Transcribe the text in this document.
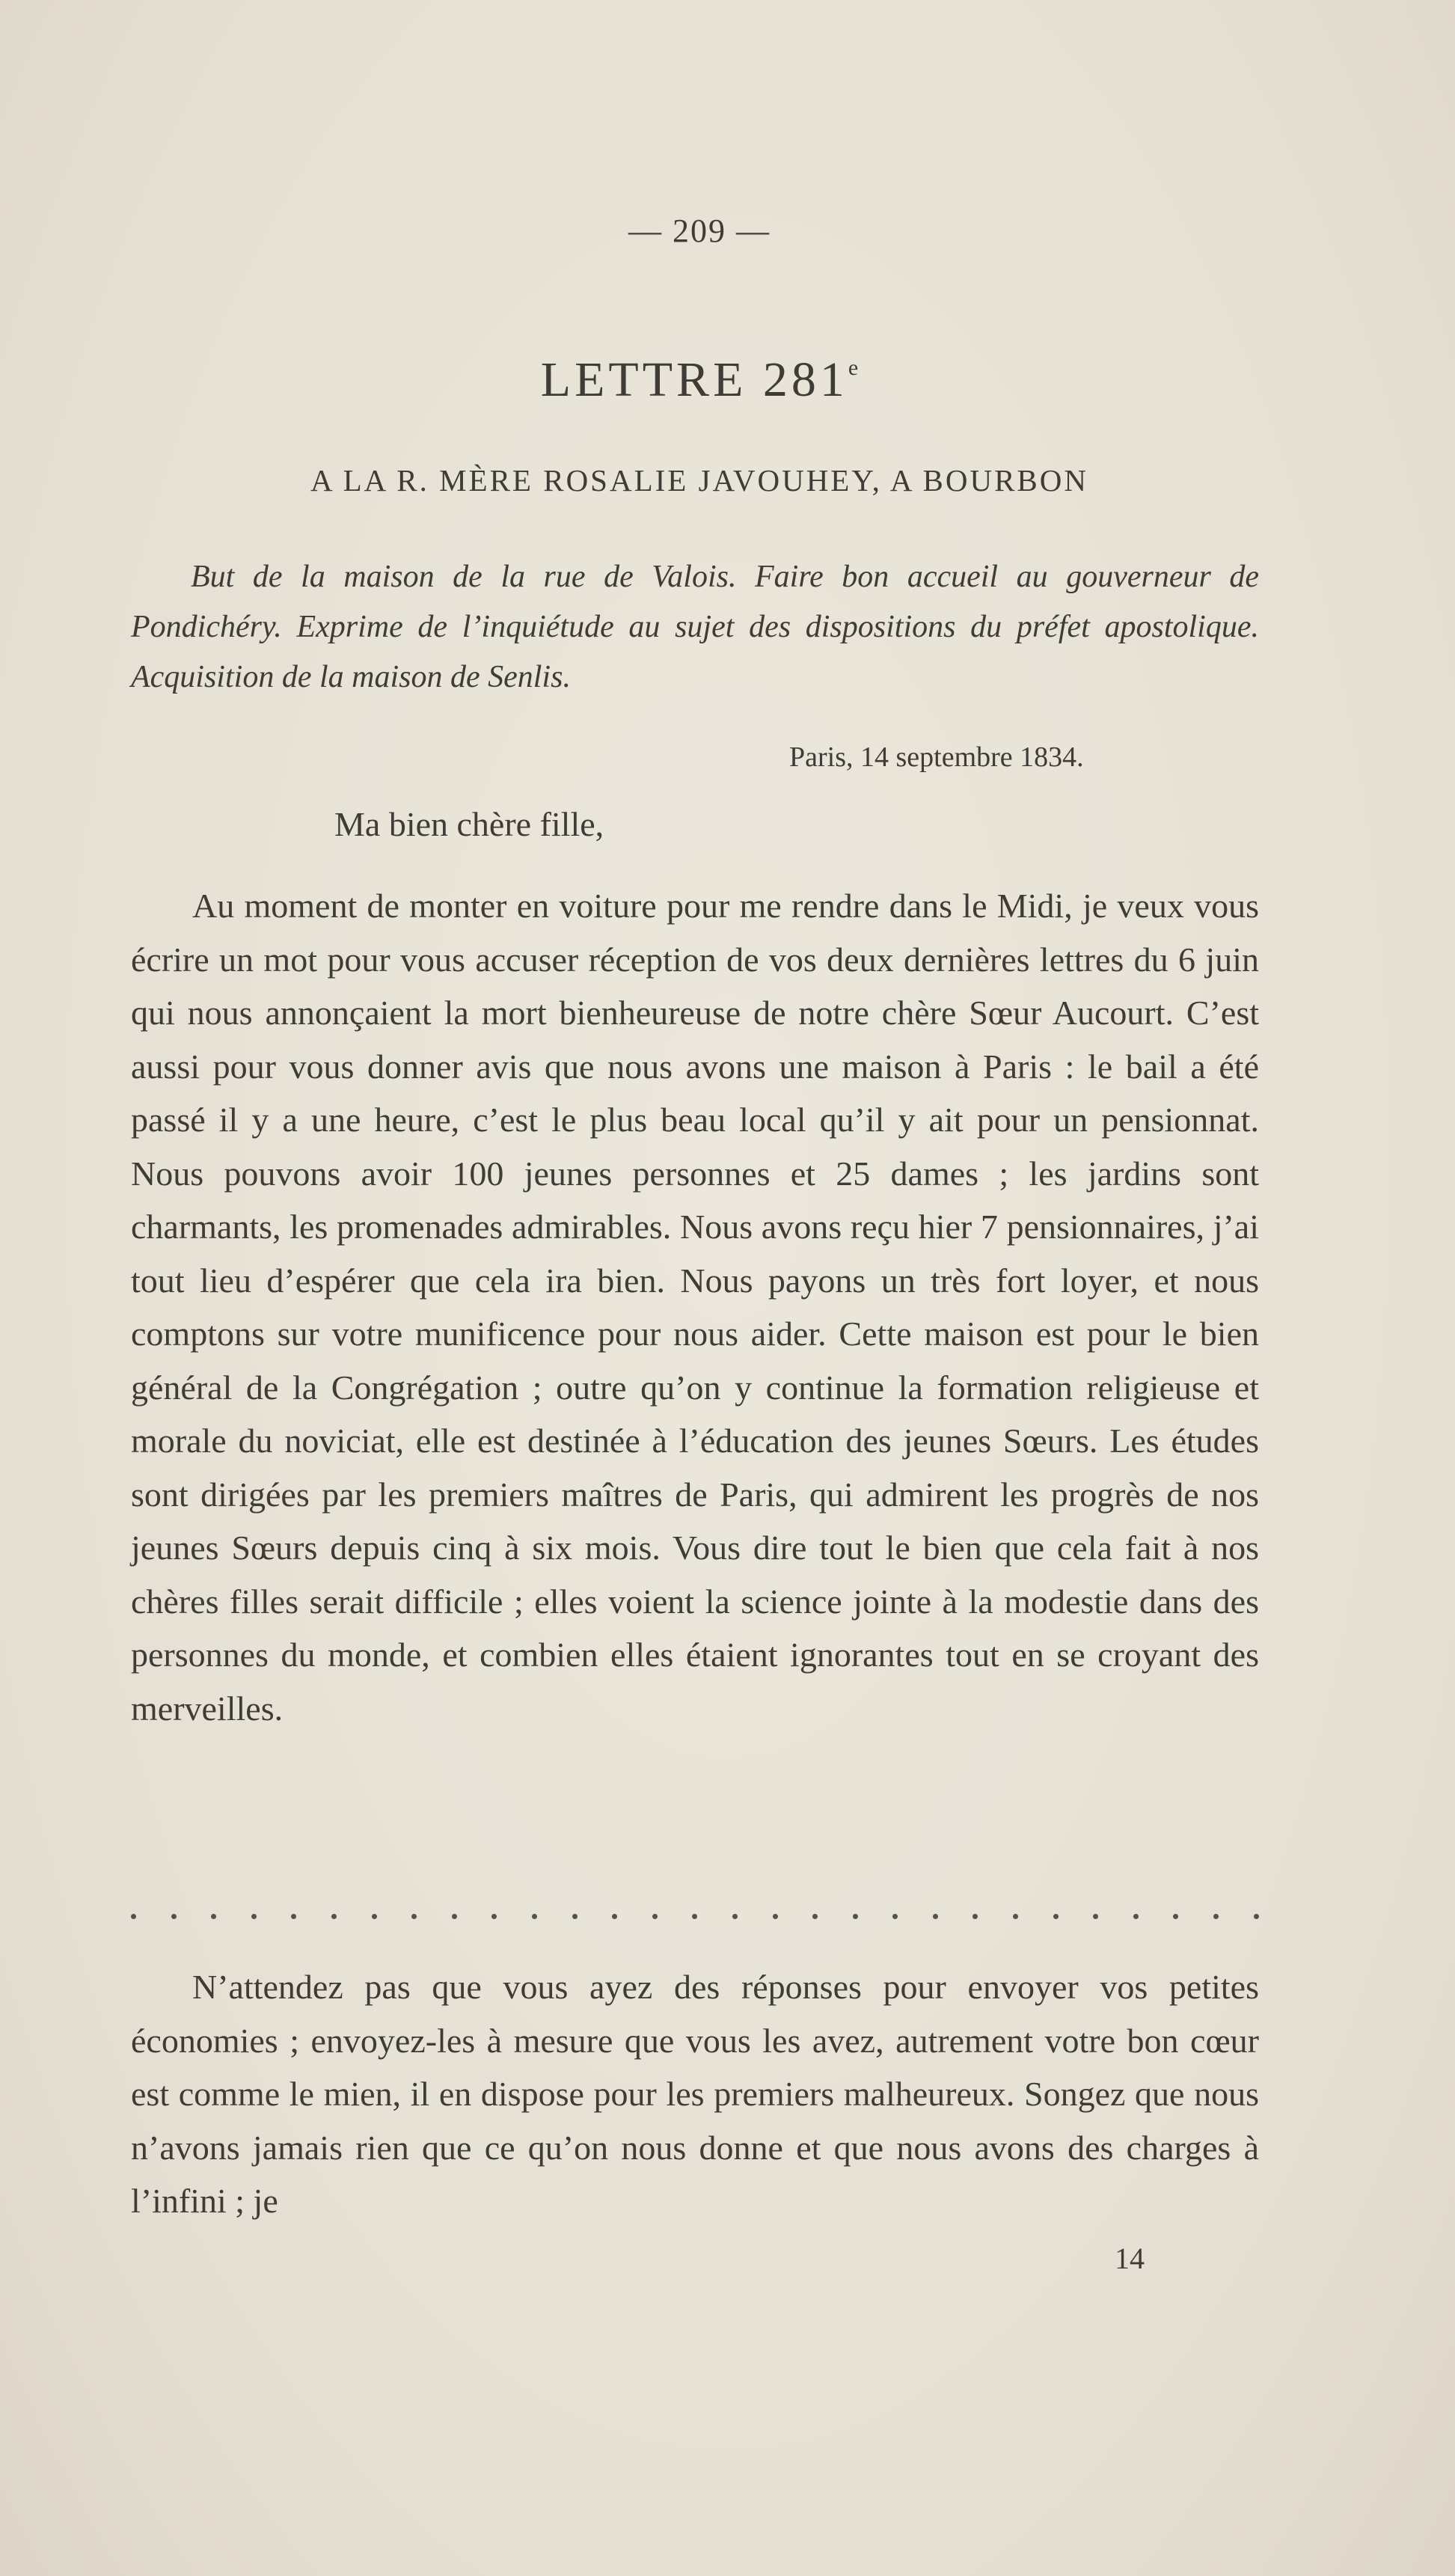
— 209 —
LETTRE 281e
A LA R. MÈRE ROSALIE JAVOUHEY, A BOURBON

But de la maison de la rue de Valois. Faire bon accueil au gouverneur de Pondichéry. Exprime de l’inquiétude au sujet des dispositions du préfet apostolique. Acquisition de la maison de Senlis.

Paris, 14 septembre 1834.
Ma bien chère fille,

Au moment de monter en voiture pour me rendre dans le Midi, je veux vous écrire un mot pour vous accuser réception de vos deux dernières lettres du 6 juin qui nous annonçaient la mort bienheureuse de notre chère Sœur Aucourt. C’est aussi pour vous donner avis que nous avons une maison à Paris : le bail a été passé il y a une heure, c’est le plus beau local qu’il y ait pour un pensionnat. Nous pouvons avoir 100 jeunes personnes et 25 dames ; les jardins sont charmants, les promenades admirables. Nous avons reçu hier 7 pensionnaires, j’ai tout lieu d’espérer que cela ira bien. Nous payons un très fort loyer, et nous comptons sur votre munificence pour nous aider. Cette maison est pour le bien général de la Congrégation ; outre qu’on y continue la formation religieuse et morale du noviciat, elle est destinée à l’éducation des jeunes Sœurs. Les études sont dirigées par les premiers maîtres de Paris, qui admirent les progrès de nos jeunes Sœurs depuis cinq à six mois. Vous dire tout le bien que cela fait à nos chères filles serait difficile ; elles voient la science jointe à la modestie dans des personnes du monde, et combien elles étaient ignorantes tout en se croyant des merveilles.

N’attendez pas que vous ayez des réponses pour envoyer vos petites économies ; envoyez-les à mesure que vous les avez, autrement votre bon cœur est comme le mien, il en dispose pour les premiers malheureux. Songez que nous n’avons jamais rien que ce qu’on nous donne et que nous avons des charges à l’infini ; je

14
